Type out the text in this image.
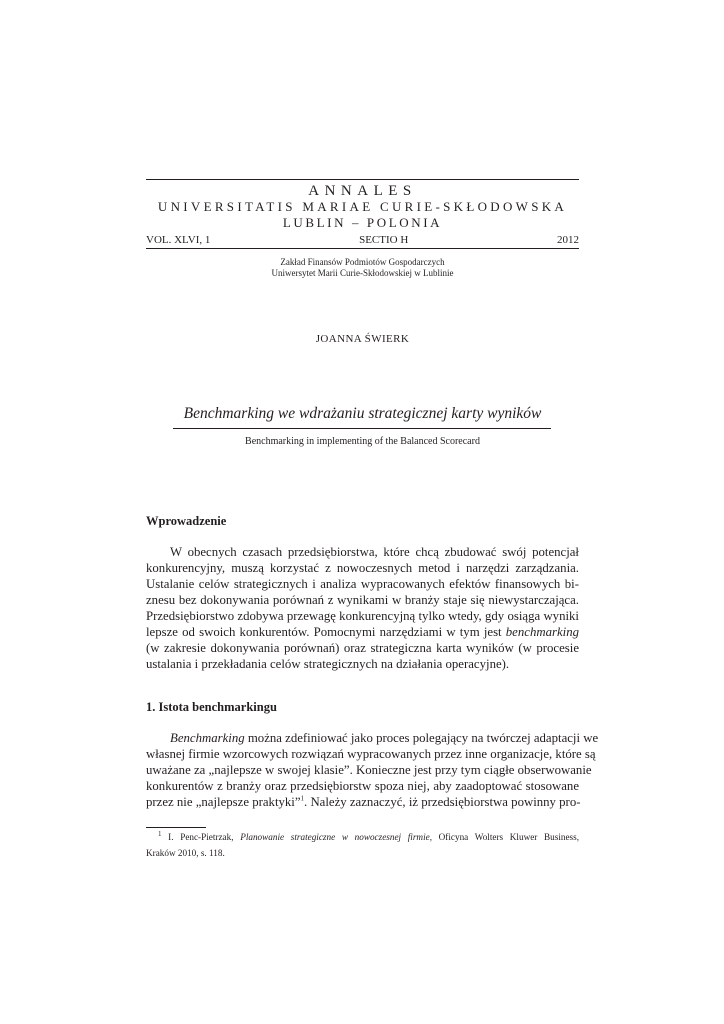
ANNALES
UNIVERSITATIS MARIAE CURIE-SKŁODOWSKA
LUBLIN – POLONIA
VOL. XLVI, 1	SECTIO H	2012
Zakład Finansów Podmiotów Gospodarczych
Uniwersytet Marii Curie-Skłodowskiej w Lublinie
JOANNA ŚWIERK
Benchmarking we wdrażaniu strategicznej karty wyników
Benchmarking in implementing of the Balanced Scorecard
Wprowadzenie
W obecnych czasach przedsiębiorstwa, które chcą zbudować swój potencjał
konkurencyjny, muszą korzystać z nowoczesnych metod i narzędzi zarządzania.
Ustalanie celów strategicznych i analiza wypracowanych efektów finansowych bi-
znesu bez dokonywania porównań z wynikami w branży staje się niewystarczająca.
Przedsiębiorstwo zdobywa przewagę konkurencyjną tylko wtedy, gdy osiąga wyniki
lepsze od swoich konkurentów. Pomocnymi narzędziami w tym jest benchmarking
(w zakresie dokonywania porównań) oraz strategiczna karta wyników (w procesie
ustalania i przekładania celów strategicznych na działania operacyjne).
1. Istota benchmarkingu
Benchmarking można zdefiniować jako proces polegający na twórczej adaptacji we
własnej firmie wzorcowych rozwiązań wypracowanych przez inne organizacje, które są
uważane za „najlepsze w swojej klasie”. Konieczne jest przy tym ciągłe obserwowanie
konkurentów z branży oraz przedsiębiorstw spoza niej, aby zaadoptować stosowane
przez nie „najlepsze praktyki”$^1$. Należy zaznaczyć, iż przedsiębiorstwa powinny pro-
$^1$ I. Penc-Pietrzak, Planowanie strategiczne w nowoczesnej firmie, Oficyna Wolters Kluwer Business,
Kraków 2010, s. 118.
